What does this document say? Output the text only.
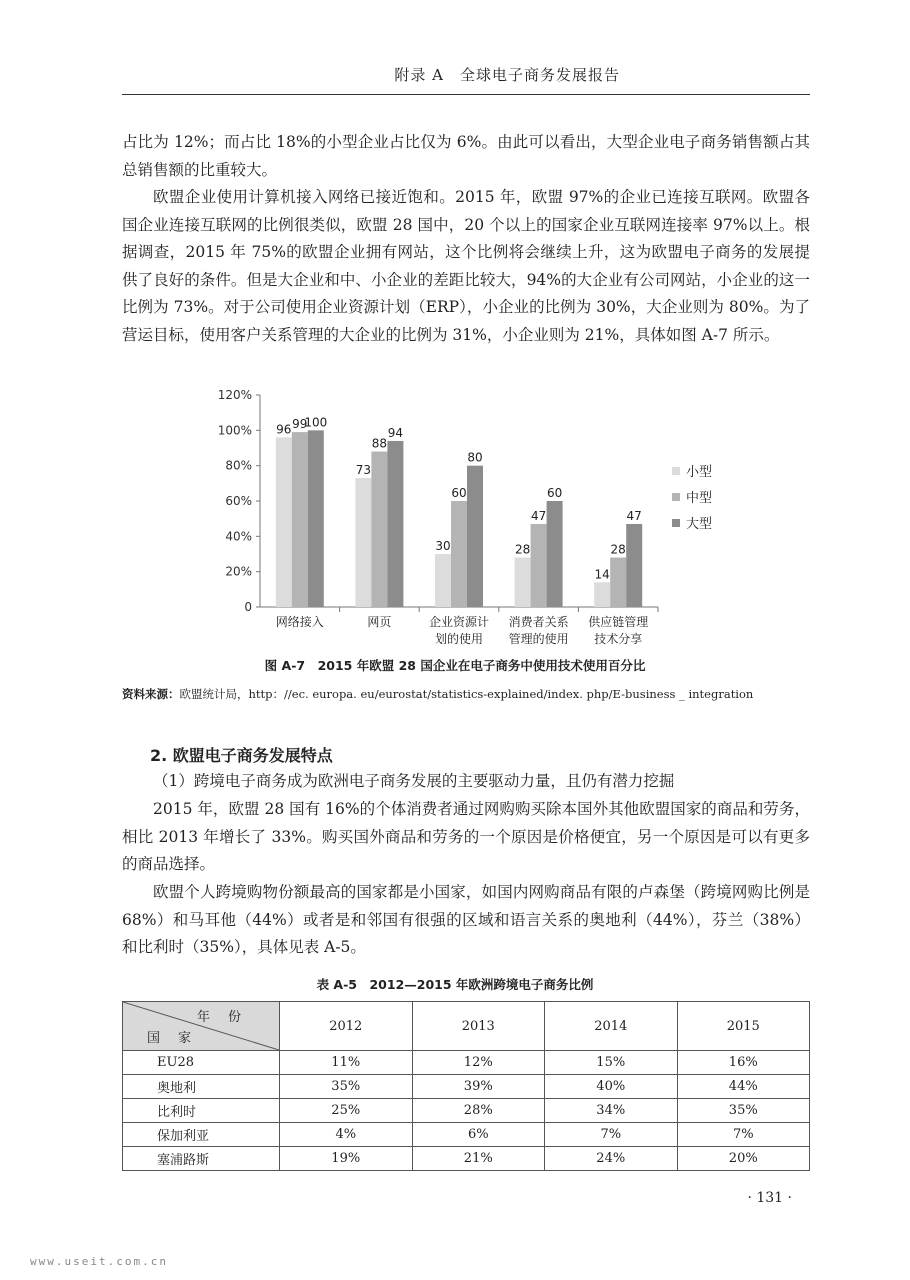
附录 A　全球电子商务发展报告

占比为 12%；而占比 18%的小型企业占比仅为 6%。由此可以看出，大型企业电子商务销售额占其总销售额的比重较大。

欧盟企业使用计算机接入网络已接近饱和。2015 年，欧盟 97%的企业已连接互联网。欧盟各国企业连接互联网的比例很类似，欧盟 28 国中，20 个以上的国家企业互联网连接率 97%以上。根据调查，2015 年 75%的欧盟企业拥有网站，这个比例将会继续上升，这为欧盟电子商务的发展提供了良好的条件。但是大企业和中、小企业的差距比较大，94%的大企业有公司网站，小企业的这一比例为 73%。对于公司使用企业资源计划（ERP），小企业的比例为 30%，大企业则为 80%。为了营运目标，使用客户关系管理的大企业的比例为 31%，小企业则为 21%，具体如图 A-7 所示。

0
20%
40%
60%
80%
100%
120%
96 99
100
网络接入
73
88
94
网页
30
60
80
企业资源计
划的使用
28
47
60
消费者关系
管理的使用
14
28
47
供应链管理
技术分享
小型
中型
大型
图 A-7　2015 年欧盟 28 国企业在电子商务中使用技术使用百分比
资料来源：欧盟统计局，http：//ec. europa. eu/eurostat/statistics-explained/index. php/E-business _ integration
2. 欧盟电子商务发展特点

（1）跨境电子商务成为欧洲电子商务发展的主要驱动力量，且仍有潜力挖掘

2015 年，欧盟 28 国有 16%的个体消费者通过网购购买除本国外其他欧盟国家的商品和劳务，相比 2013 年增长了 33%。购买国外商品和劳务的一个原因是价格便宜，另一个原因是可以有更多的商品选择。

欧盟个人跨境购物份额最高的国家都是小国家，如国内网购商品有限的卢森堡（跨境网购比例是 68%）和马耳他（44%）或者是和邻国有很强的区域和语言关系的奥地利（44%），芬兰（38%）和比利时（35%），具体见表 A-5。

表 A-5　2012—2015 年欧洲跨境电子商务比例
年份
国家	2012	2013	2014	2015
EU28	11%	12%	15%	16%
奥地利	35%	39%	40%	44%
比利时	25%	28%	34%	35%
保加利亚	4%	6%	7%	7%
塞浦路斯	19%	21%	24%	20%
· 131 ·
www.useit.com.cn
